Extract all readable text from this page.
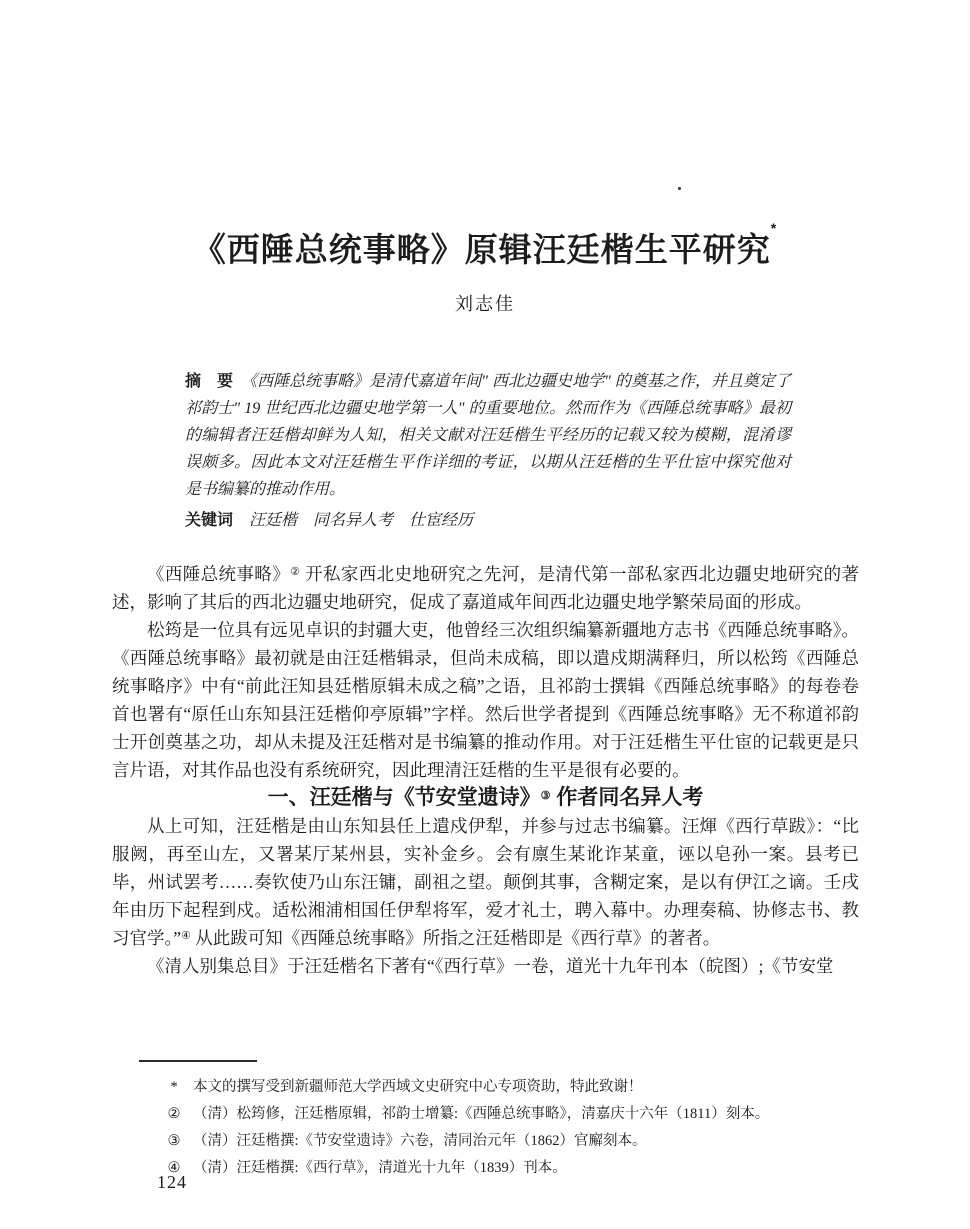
《西陲总统事略》原辑汪廷楷生平研究*
刘志佳
摘　要　 《西陲总统事略》是清代嘉道年间" 西北边疆史地学" 的奠基之作，并且奠定了祁韵士" 19 世纪西北边疆史地学第一人" 的重要地位。然而作为《西陲总统事略》最初的编辑者汪廷楷却鲜为人知，相关文献对汪廷楷生平经历的记载又较为模糊，混淆谬误颇多。因此本文对汪廷楷生平作详细的考证，以期从汪廷楷的生平仕宦中探究他对是书编纂的推动作用。
关键词　 汪廷楷　同名异人考　仕宦经历

《西陲总统事略》② 开私家西北史地研究之先河，是清代第一部私家西北边疆史地研究的著述，影响了其后的西北边疆史地研究，促成了嘉道咸年间西北边疆史地学繁荣局面的形成。

松筠是一位具有远见卓识的封疆大吏，他曾经三次组织编纂新疆地方志书《西陲总统事略》。《西陲总统事略》最初就是由汪廷楷辑录，但尚未成稿，即以遣戍期满释归，所以松筠《西陲总统事略序》中有“前此汪知县廷楷原辑未成之稿”之语，且祁韵士撰辑《西陲总统事略》的每卷卷首也署有“原任山东知县汪廷楷仰亭原辑”字样。然后世学者提到《西陲总统事略》无不称道祁韵士开创奠基之功，却从未提及汪廷楷对是书编纂的推动作用。对于汪廷楷生平仕宦的记载更是只言片语，对其作品也没有系统研究，因此理清汪廷楷的生平是很有必要的。

一、汪廷楷与《节安堂遗诗》③ 作者同名异人考

从上可知，汪廷楷是由山东知县任上遣戍伊犁，并参与过志书编纂。汪煇《西行草跋》：“比服阙，再至山左，又署某厅某州县，实补金乡。会有廪生某讹诈某童，诬以皂孙一案。县考已毕，州试罢考……奏钦使乃山东汪镛，副祖之望。颠倒其事，含糊定案，是以有伊江之谪。壬戌年由历下起程到戍。适松湘浦相国任伊犁将军，爱才礼士，聘入幕中。办理奏稿、协修志书、教习官学。”④ 从此跋可知《西陲总统事略》所指之汪廷楷即是《西行草》的著者。

《清人别集总目》于汪廷楷名下著有“《西行草》一卷，道光十九年刊本（皖图）;《节安堂

* 本文的撰写受到新疆师范大学西域文史研究中心专项资助，特此致谢！
② （清）松筠修，汪廷楷原辑，祁韵士增纂:《西陲总统事略》，清嘉庆十六年（1811）刻本。
③ （清）汪廷楷撰:《节安堂遗诗》六卷，清同治元年（1862）官廨刻本。
④ （清）汪廷楷撰:《西行草》，清道光十九年（1839）刊本。
124
